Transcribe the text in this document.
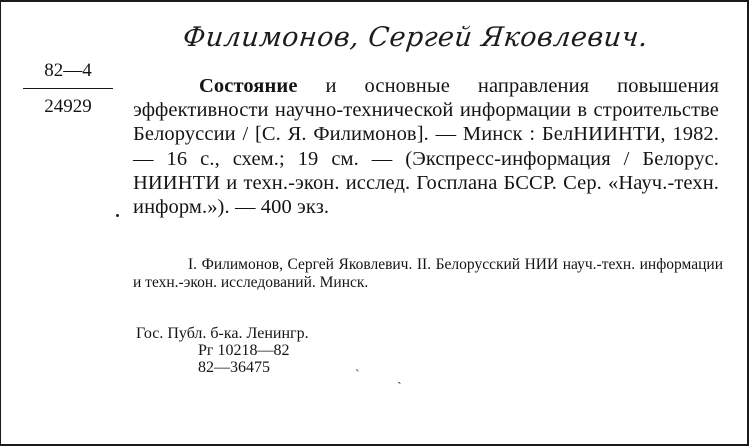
Филимонов, Сергей Яковлевич.
82—4
24929
Состояние и основные направления повышения эффективности научно-технической информации в строительстве Белоруссии / [С. Я. Филимонов]. — Минск : БелНИИНТИ, 1982. — 16 с., схем.; 19 см. — (Экспресс-информация / Белорус. НИИНТИ и техн.-экон. исслед. Госплана БССР. Сер. «Науч.-техн. информ.»). — 400 экз.
I. Филимонов, Сергей Яковлевич. II. Белорусский НИИ науч.-техн. информации и техн.-экон. исследований. Минск.
Гос. Публ. б-ка. Ленингр.
Рг 10218—82
82—36475	ˋ	ˏ
